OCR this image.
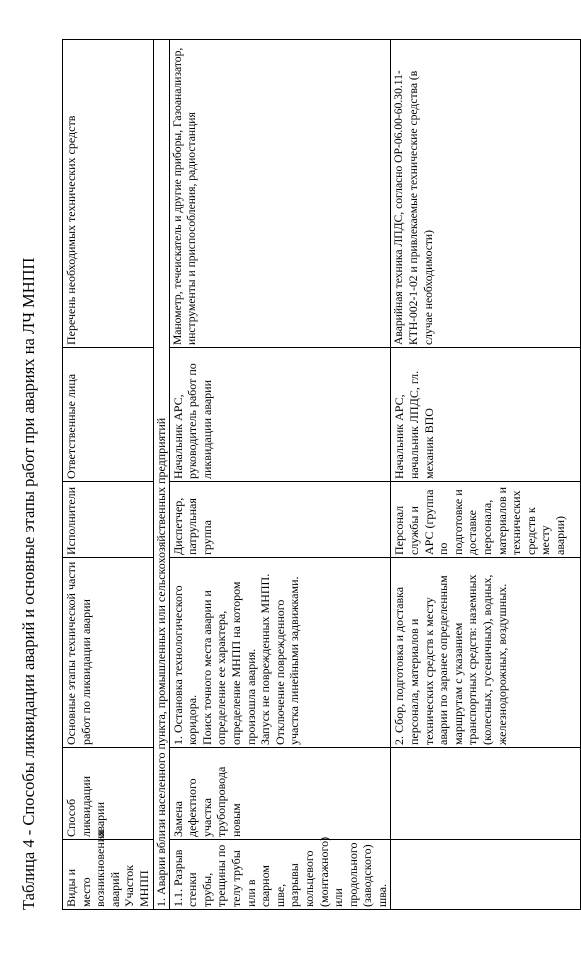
Таблица 4 - Способы ликвидации аварий и основные этапы работ при авариях на ЛЧ МНПП	Виды и место возникновения аварий Участок МНПП	Способ ликвидации аварии	Основные этапы технической части работ по ликвидации аварии	Исполнители	Ответственные лица	Перечень необходимых технических средств
1. Аварии вблизи населенного пункта, промышленных или сельскохозяйственных предприятий					
1.1. Разрыв стенки трубы, трещины по телу трубы или в сварном шве, разрывы кольцевого (монтажного) или продольного (заводского) шва.	Замена дефектного участка трубопровода новым	1. Остановка технологического коридора. Поиск точного места аварии и определение ее характера, определение МНПП на котором произошла авария. Запуск не поврежденных МНПП. Отключение поврежденного участка линейными задвижками.	Диспетчер, патрульная группа	Начальник АРС, руководитель работ по ликвидации аварии	Манометр, течеискатель и другие приборы, Газоанализатор, инструменты и приспособления, радиостанция

		2. Сбор, подготовка и доставка персонала, материалов и технических средств к месту аварии по заранее определенным маршрутам с указанием транспортных средств: наземных (колесных, гусеничных), водных, железнодорожных, воздушных.	Персонал службы и АРС (группа по подготовке и доставке персонала, материалов и технических средств к месту аварии)	Начальник АРС, начальник ЛПДС, гл. механик ВПО	Аварийная техника ЛПДС, согласно ОР-06.00-60.30.11-КТН-002-1-02 и привлекаемые технические средства (в случае необходимости)
